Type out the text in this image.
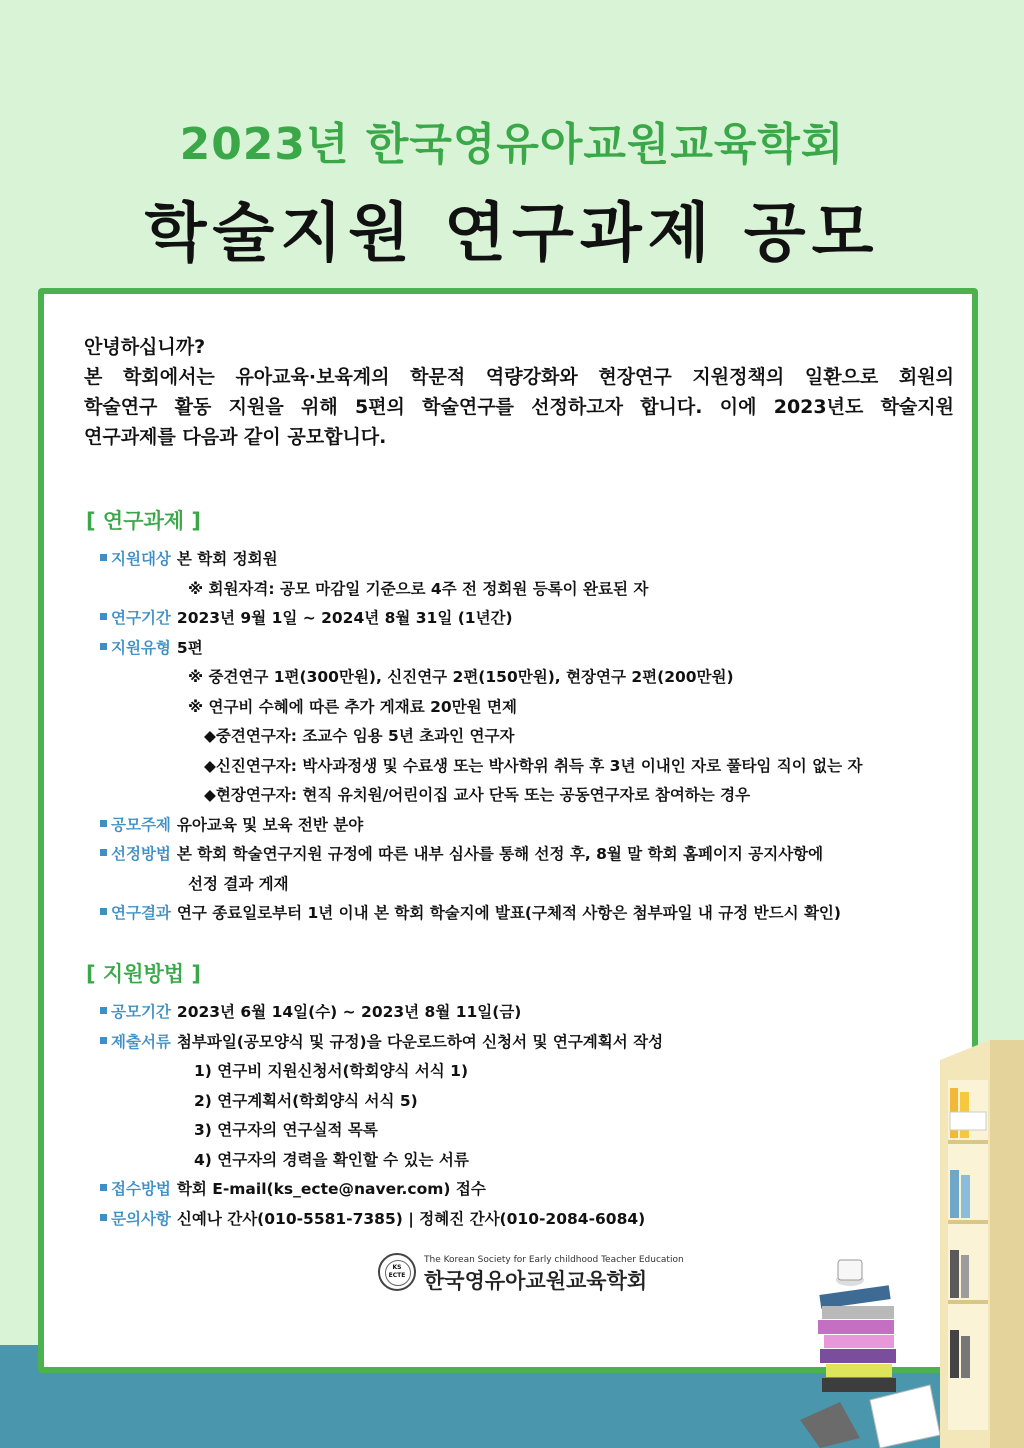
2023년 한국영유아교원교육학회
학술지원 연구과제 공모

안녕하십니까?

본 학회에서는 유아교육·보육계의 학문적 역량강화와 현장연구 지원정책의 일환으로 회원의

학술연구 활동 지원을 위해 5편의 학술연구를 선정하고자 합니다. 이에 2023년도 학술지원

연구과제를 다음과 같이 공모합니다.

[ 연구과제 ]
지원대상 본 학회 정회원
※ 회원자격: 공모 마감일 기준으로 4주 전 정회원 등록이 완료된 자
연구기간 2023년 9월 1일 ~ 2024년 8월 31일 (1년간)
지원유형 5편
※ 중견연구 1편(300만원), 신진연구 2편(150만원), 현장연구 2편(200만원)
※ 연구비 수혜에 따른 추가 게재료 20만원 면제
◆중견연구자: 조교수 임용 5년 초과인 연구자
◆신진연구자: 박사과정생 및 수료생 또는 박사학위 취득 후 3년 이내인 자로 풀타임 직이 없는 자
◆현장연구자: 현직 유치원/어린이집 교사 단독 또는 공동연구자로 참여하는 경우
공모주제 유아교육 및 보육 전반 분야
선정방법 본 학회 학술연구지원 규정에 따른 내부 심사를 통해 선정 후, 8월 말 학회 홈페이지 공지사항에
선정 결과 게재
연구결과 연구 종료일로부터 1년 이내 본 학회 학술지에 발표(구체적 사항은 첨부파일 내 규정 반드시 확인)
[ 지원방법 ]
공모기간 2023년 6월 14일(수) ~ 2023년 8월 11일(금)
제출서류 첨부파일(공모양식 및 규정)을 다운로드하여 신청서 및 연구계획서 작성
1) 연구비 지원신청서(학회양식 서식 1)
2) 연구계획서(학회양식 서식 5)
3) 연구자의 연구실적 목록
4) 연구자의 경력을 확인할 수 있는 서류
접수방법 학회 E-mail(ks_ecte@naver.com) 접수
문의사항 신예나 간사(010-5581-7385) | 정혜진 간사(010-2084-6084)
KS ECTE
The Korean Society for Early childhood Teacher Education
한국영유아교원교육학회
